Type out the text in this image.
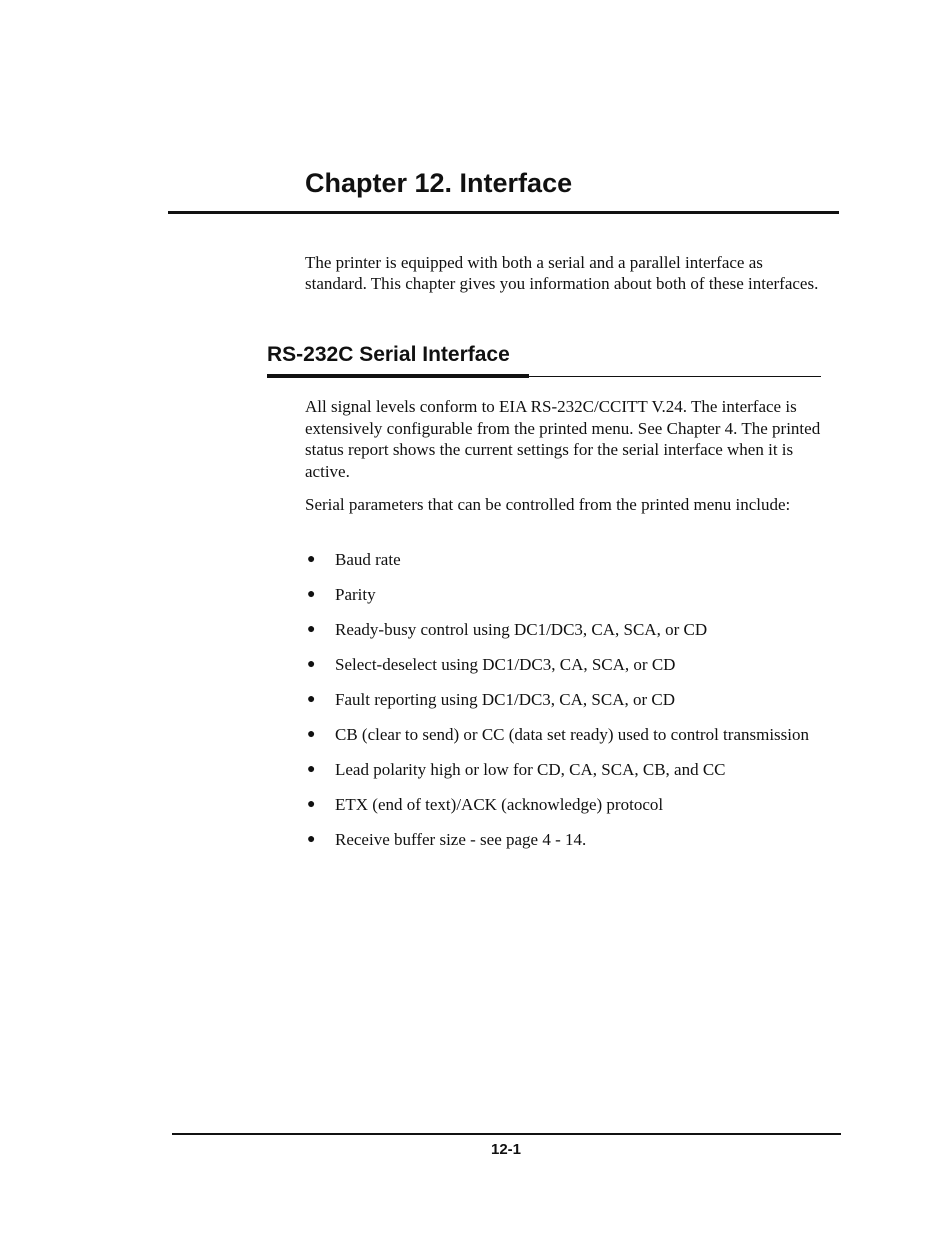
Chapter 12. Interface

The printer is equipped with both a serial and a parallel interface as standard. This chapter gives you information about both of these interfaces.

RS-232C Serial Interface

All signal levels conform to EIA RS-232C/CCITT V.24. The interface is extensively configurable from the printed menu. See Chapter 4. The printed status report shows the current settings for the serial interface when it is active.

Serial parameters that can be controlled from the printed menu include:

● Baud rate
● Parity
● Ready-busy control using DC1/DC3, CA, SCA, or CD
● Select-deselect using DC1/DC3, CA, SCA, or CD
● Fault reporting using DC1/DC3, CA, SCA, or CD
● CB (clear to send) or CC (data set ready) used to control transmission
● Lead polarity high or low for CD, CA, SCA, CB, and CC
● ETX (end of text)/ACK (acknowledge) protocol
● Receive buffer size - see page 4 - 14.

12-1
